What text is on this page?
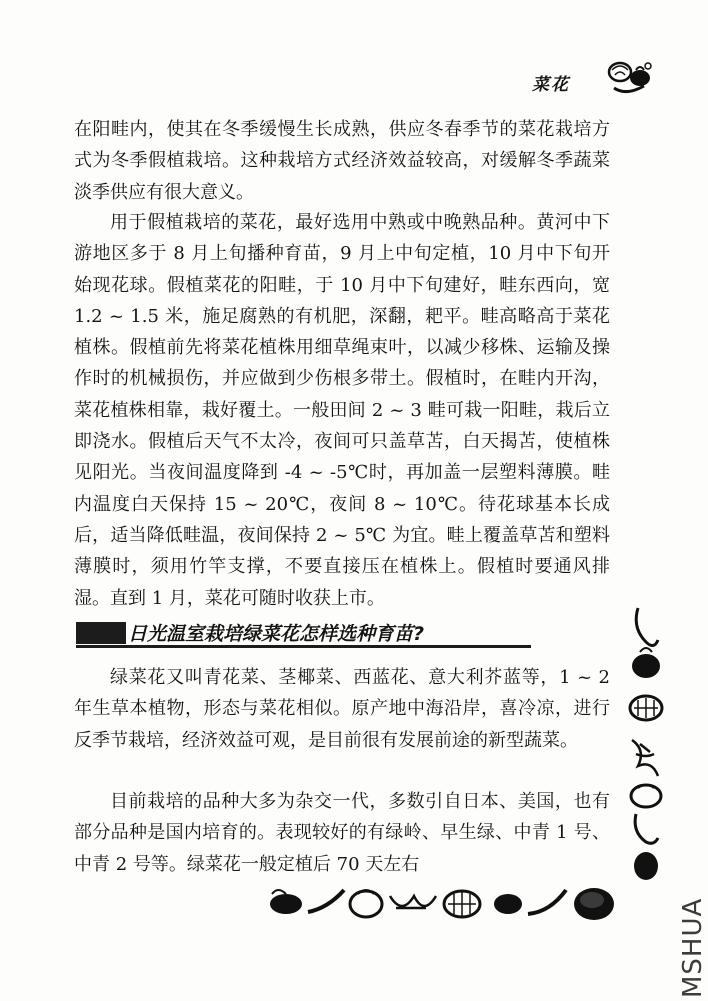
菜花

在阳畦内，使其在冬季缓慢生长成熟，供应冬春季节的菜花栽培方式为冬季假植栽培。这种栽培方式经济效益较高，对缓解冬季蔬菜淡季供应有很大意义。

用于假植栽培的菜花，最好选用中熟或中晚熟品种。黄河中下游地区多于 8 月上旬播种育苗，9 月上中旬定植，10 月中下旬开始现花球。假植菜花的阳畦，于 10 月中下旬建好，畦东西向，宽 1.2 ~ 1.5 米，施足腐熟的有机肥，深翻，耙平。畦高略高于菜花植株。假植前先将菜花植株用细草绳束叶，以减少移株、运输及操作时的机械损伤，并应做到少伤根多带土。假植时，在畦内开沟，菜花植株相靠，栽好覆土。一般田间 2 ~ 3 畦可栽一阳畦，栽后立即浇水。假植后天气不太冷，夜间可只盖草苫，白天揭苫，使植株见阳光。当夜间温度降到 -4 ~ -5℃时，再加盖一层塑料薄膜。畦内温度白天保持 15 ~ 20℃，夜间 8 ~ 10℃。待花球基本长成后，适当降低畦温，夜间保持 2 ~ 5℃ 为宜。畦上覆盖草苫和塑料薄膜时，须用竹竿支撑，不要直接压在植株上。假植时要通风排湿。直到 1 月，菜花可随时收获上市。

日光温室栽培绿菜花怎样选种育苗?

绿菜花又叫青花菜、茎椰菜、西蓝花、意大利芥蓝等，1 ~ 2 年生草本植物，形态与菜花相似。原产地中海沿岸，喜冷凉，进行反季节栽培，经济效益可观，是目前很有发展前途的新型蔬菜。

目前栽培的品种大多为杂交一代，多数引自日本、美国，也有部分品种是国内培育的。表现较好的有绿岭、早生绿、中青 1 号、中青 2 号等。绿菜花一般定植后 70 天左右

MSHUA
